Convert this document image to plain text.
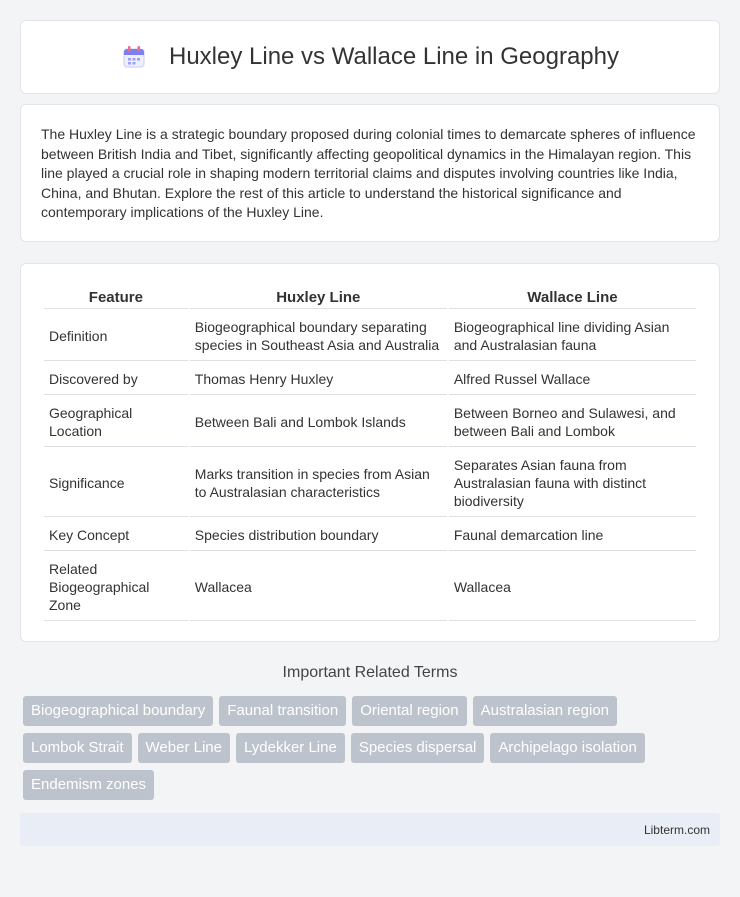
Huxley Line vs Wallace Line in Geography

The Huxley Line is a strategic boundary proposed during colonial times to demarcate spheres of influence between British India and Tibet, significantly affecting geopolitical dynamics in the Himalayan region. This line played a crucial role in shaping modern territorial claims and disputes involving countries like India, China, and Bhutan. Explore the rest of this article to understand the historical significance and contemporary implications of the Huxley Line.

Feature	Huxley Line	Wallace Line
Definition	Biogeographical boundary separating species in Southeast Asia and Australia	Biogeographical line dividing Asian and Australasian fauna
Discovered by	Thomas Henry Huxley	Alfred Russel Wallace
Geographical Location	Between Bali and Lombok Islands	Between Borneo and Sulawesi, and between Bali and Lombok
Significance	Marks transition in species from Asian to Australasian characteristics	Separates Asian fauna from Australasian fauna with distinct biodiversity
Key Concept	Species distribution boundary	Faunal demarcation line
Related Biogeographical Zone	Wallacea	Wallacea
Important Related Terms
Biogeographical boundary	Faunal transition	Oriental region	Australasian region
Lombok Strait	Weber Line	Lydekker Line	Species dispersal	Archipelago isolation
Endemism zones
Libterm.com
